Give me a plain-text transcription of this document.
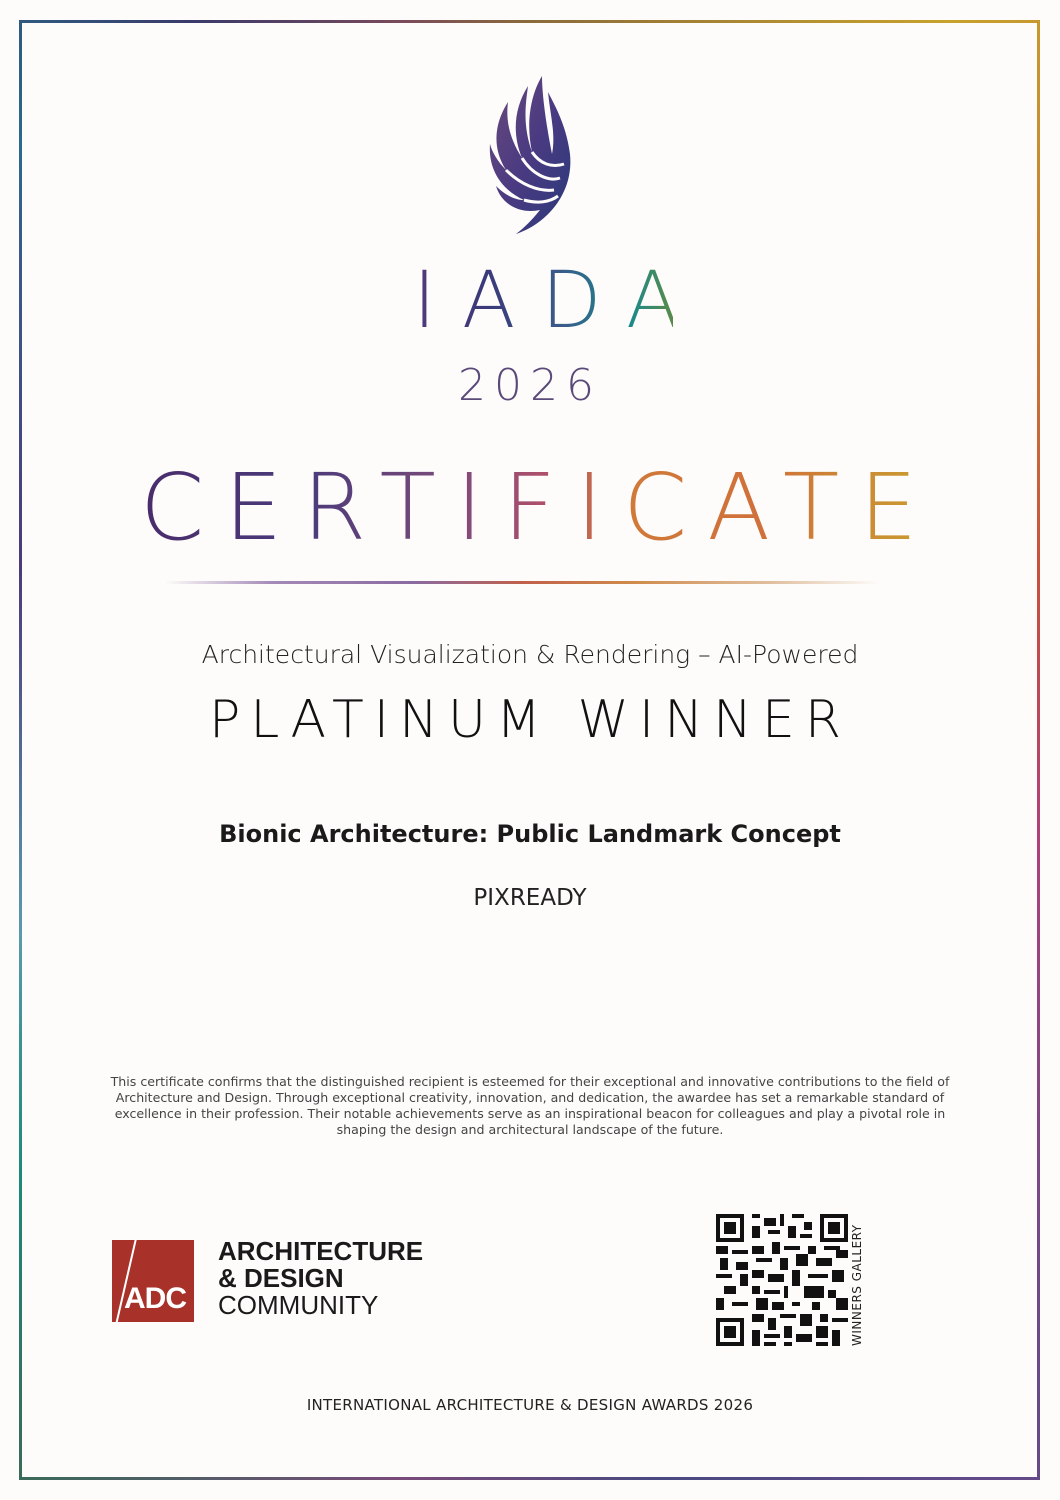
IADA
2026
CERTIFICATE
Architectural Visualization & Rendering – AI-Powered
PLATINUM WINNER
Bionic Architecture: Public Landmark Concept
PIXREADY
This certificate confirms that the distinguished recipient is esteemed for their exceptional and innovative contributions to the field of Architecture and Design. Through exceptional creativity, innovation, and dedication, the awardee has set a remarkable standard of excellence in their profession. Their notable achievements serve as an inspirational beacon for colleagues and play a pivotal role in shaping the design and architectural landscape of the future.
ADC
ARCHITECTURE
& DESIGN
COMMUNITY	WINNERS GALLERY
INTERNATIONAL ARCHITECTURE & DESIGN AWARDS 2026
